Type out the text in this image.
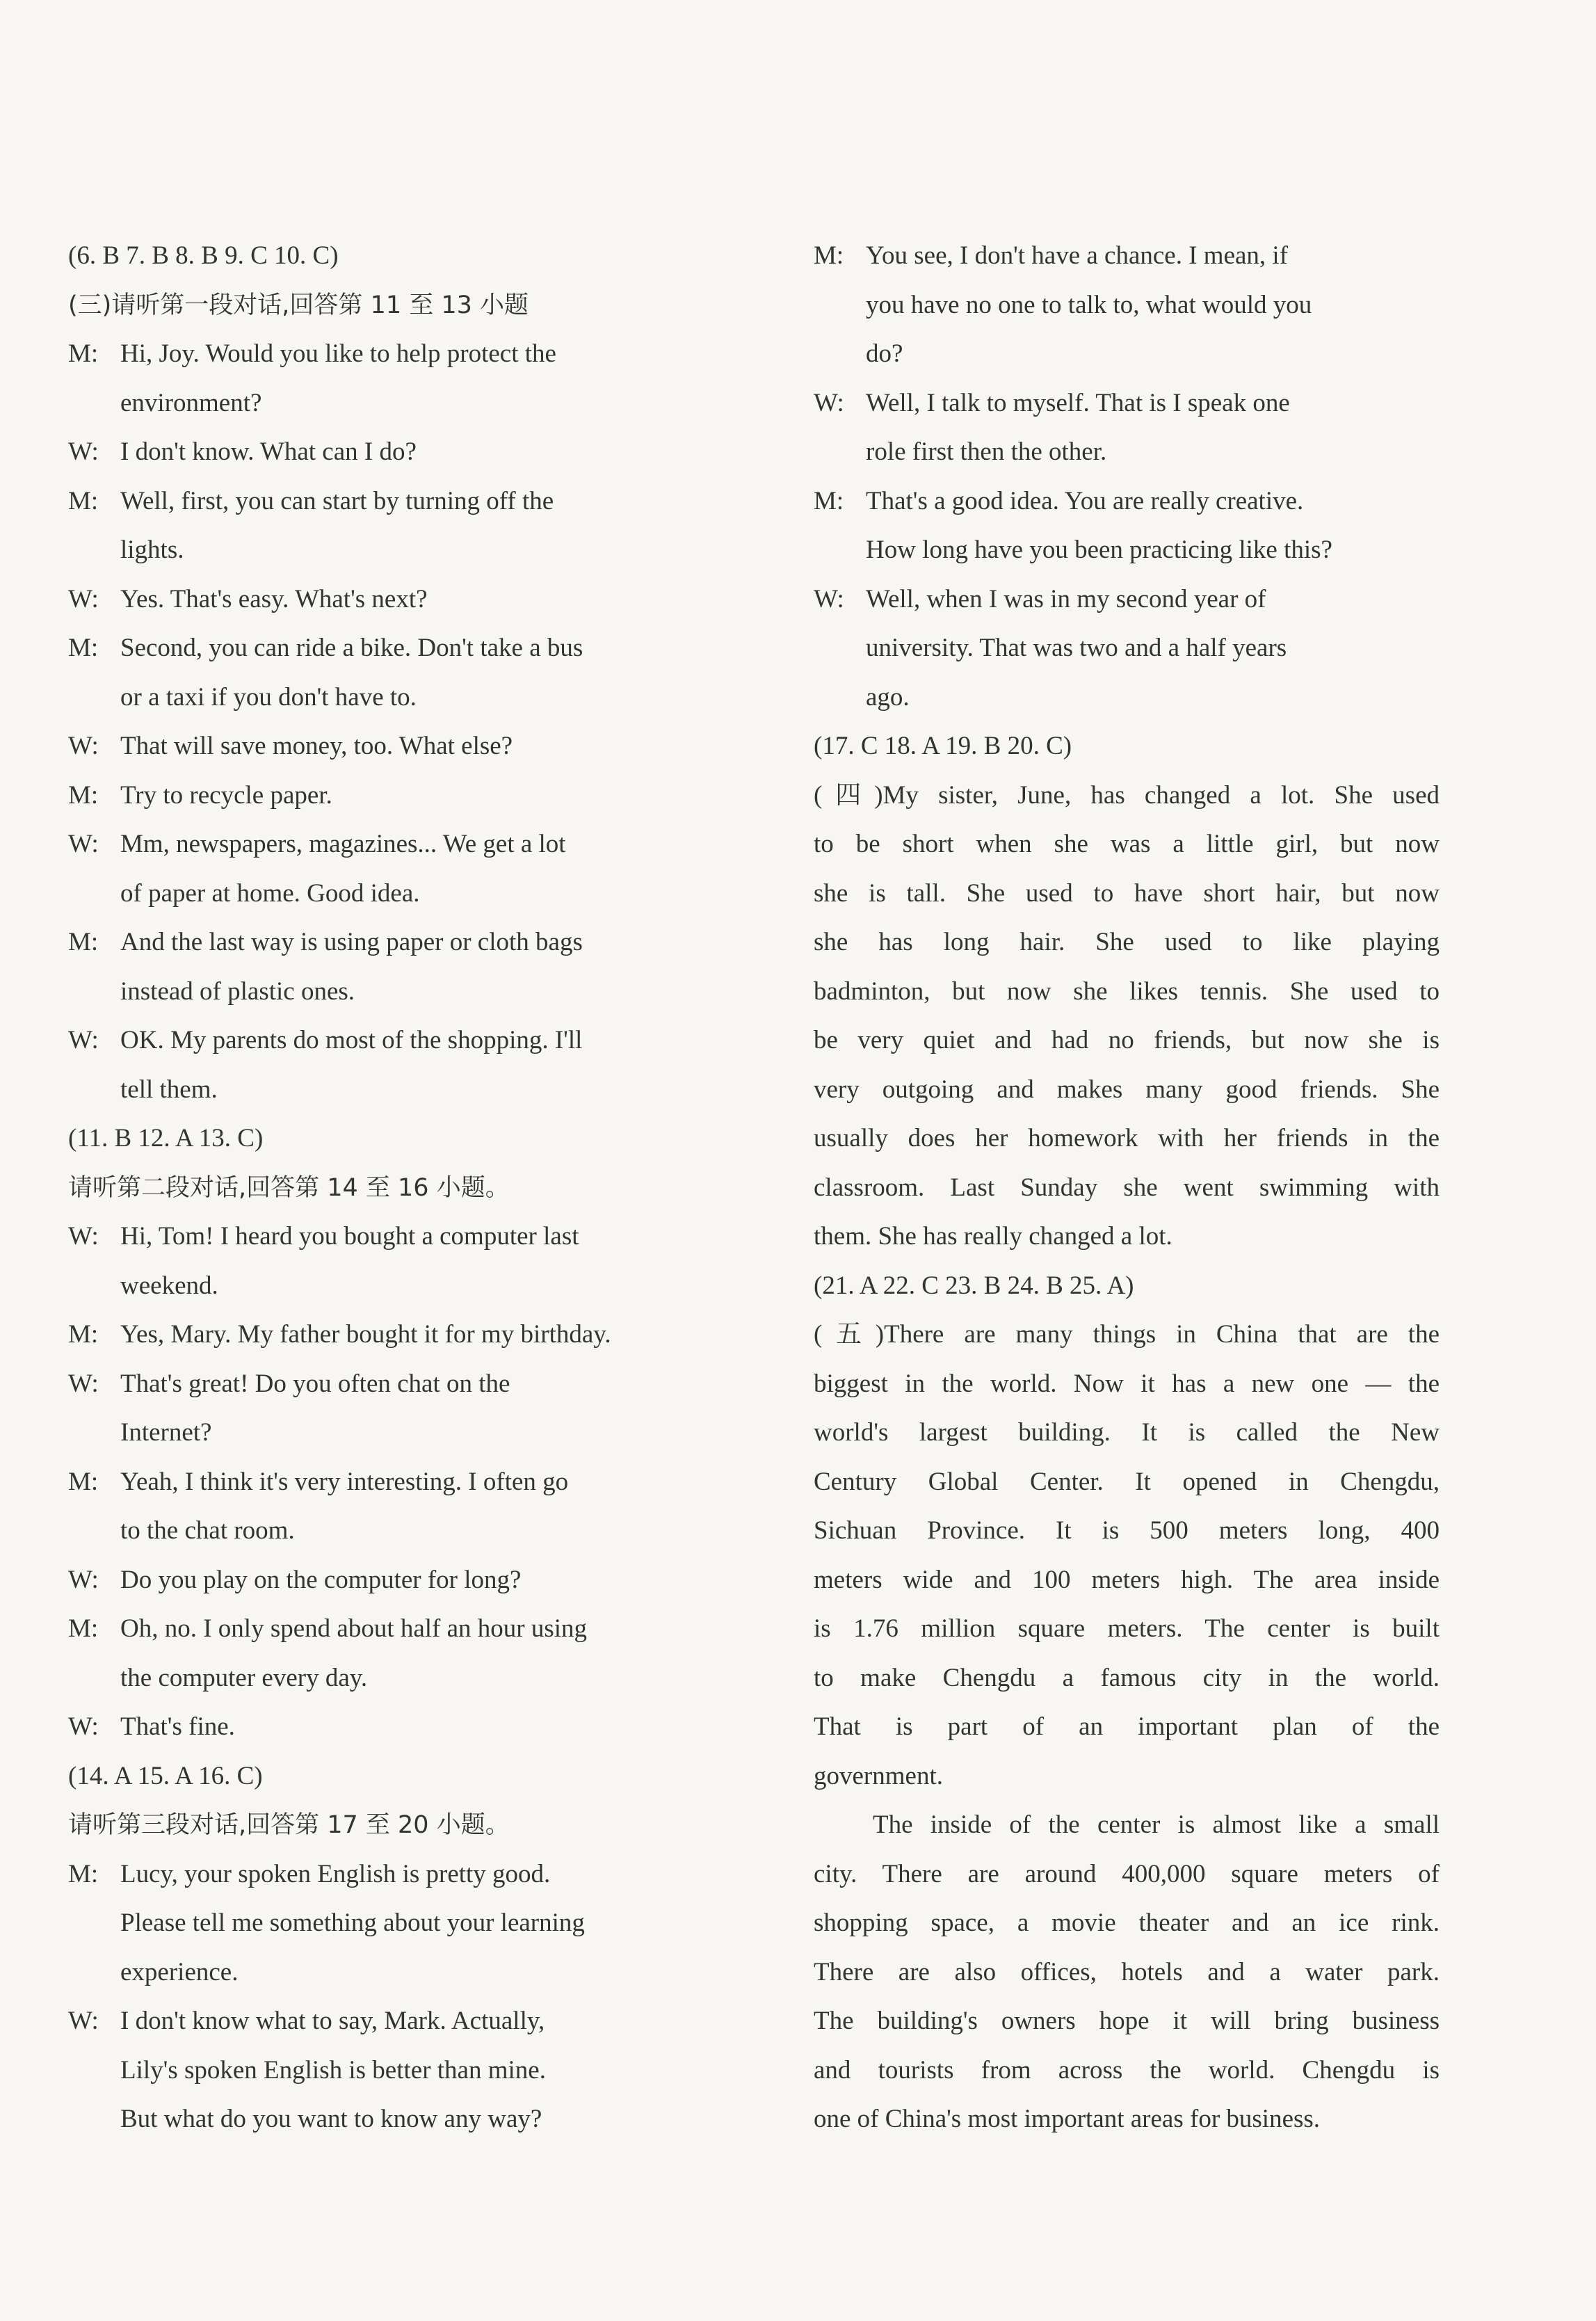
(6. B 7. B 8. B 9. C 10. C)
(三)请听第一段对话,回答第 11 至 13 小题
M: Hi, Joy. Would you like to help protect the
environment?
W: I don't know. What can I do?
M: Well, first, you can start by turning off the
lights.
W: Yes. That's easy. What's next?
M: Second, you can ride a bike. Don't take a bus
or a taxi if you don't have to.
W: That will save money, too. What else?
M: Try to recycle paper.
W: Mm, newspapers, magazines... We get a lot
of paper at home. Good idea.
M: And the last way is using paper or cloth bags
instead of plastic ones.
W: OK. My parents do most of the shopping. I'll
tell them.
(11. B 12. A 13. C)
请听第二段对话,回答第 14 至 16 小题。
W: Hi, Tom! I heard you bought a computer last
weekend.
M: Yes, Mary. My father bought it for my birthday.
W: That's great! Do you often chat on the
Internet?
M: Yeah, I think it's very interesting. I often go
to the chat room.
W: Do you play on the computer for long?
M: Oh, no. I only spend about half an hour using
the computer every day.
W: That's fine.
(14. A 15. A 16. C)
请听第三段对话,回答第 17 至 20 小题。
M: Lucy, your spoken English is pretty good.
Please tell me something about your learning
experience.
W: I don't know what to say, Mark. Actually,
Lily's spoken English is better than mine.
But what do you want to know any way?
M: You see, I don't have a chance. I mean, if
you have no one to talk to, what would you
do?
W: Well, I talk to myself. That is I speak one
role first then the other.
M: That's a good idea. You are really creative.
How long have you been practicing like this?
W: Well, when I was in my second year of
university. That was two and a half years
ago.
(17. C 18. A 19. B 20. C)
(四)My sister, June, has changed a lot. She used
to be short when she was a little girl, but now
she is tall. She used to have short hair, but now
she has long hair. She used to like playing
badminton, but now she likes tennis. She used to
be very quiet and had no friends, but now she is
very outgoing and makes many good friends. She
usually does her homework with her friends in the
classroom. Last Sunday she went swimming with
them. She has really changed a lot.
(21. A 22. C 23. B 24. B 25. A)
(五)There are many things in China that are the
biggest in the world. Now it has a new one — the
world's largest building. It is called the New
Century Global Center. It opened in Chengdu,
Sichuan Province. It is 500 meters long, 400
meters wide and 100 meters high. The area inside
is 1.76 million square meters. The center is built
to make Chengdu a famous city in the world.
That is part of an important plan of the
government.
The inside of the center is almost like a small
city. There are around 400,000 square meters of
shopping space, a movie theater and an ice rink.
There are also offices, hotels and a water park.
The building's owners hope it will bring business
and tourists from across the world. Chengdu is
one of China's most important areas for business.
